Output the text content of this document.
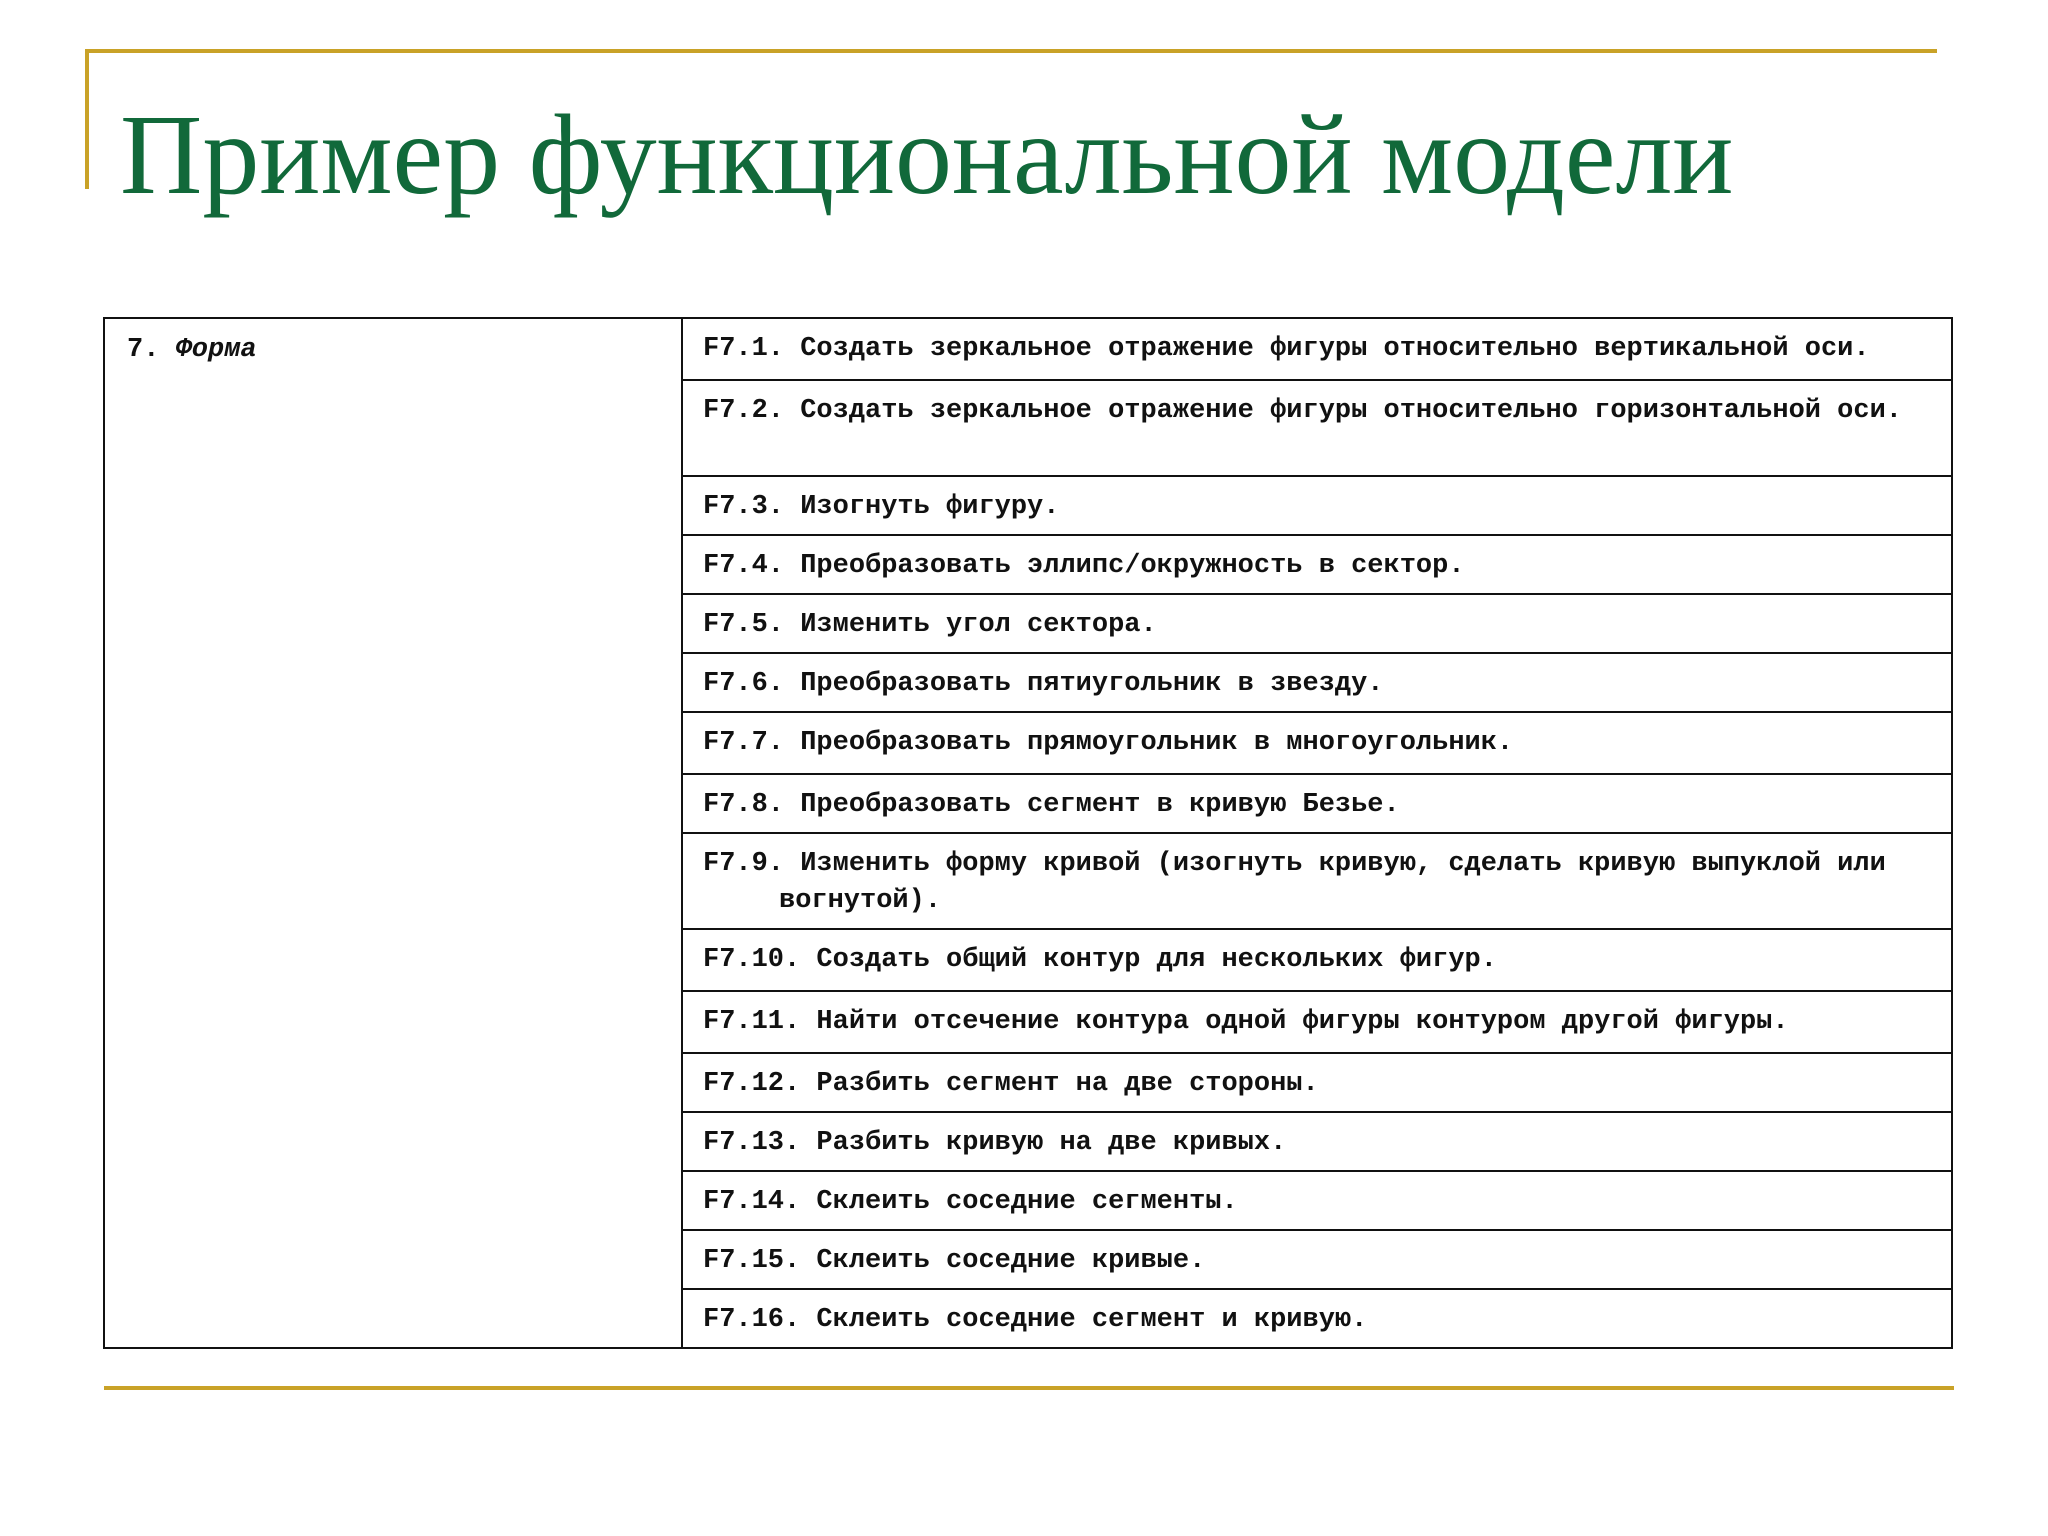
Пример функциональной модели
7. Форма	F7.1. Создать зеркальное отражение фигуры относительно вертикальной оси.

F7.2. Создать зеркальное отражение фигуры относительно горизонтальной оси.

F7.3. Изогнуть фигуру.

F7.4. Преобразовать эллипс/окружность в сектор.

F7.5. Изменить угол сектора.

F7.6. Преобразовать пятиугольник в звезду.

F7.7. Преобразовать прямоугольник в многоугольник.

F7.8. Преобразовать сегмент в кривую Безье.

F7.9. Изменить форму кривой (изогнуть кривую, сделать кривую выпуклой или вогнутой).

F7.10. Создать общий контур для нескольких фигур.

F7.11. Найти отсечение контура одной фигуры контуром другой фигуры.

F7.12. Разбить сегмент на две стороны.

F7.13. Разбить кривую на две кривых.

F7.14. Склеить соседние сегменты.

F7.15. Склеить соседние кривые.

F7.16. Склеить соседние сегмент и кривую.
